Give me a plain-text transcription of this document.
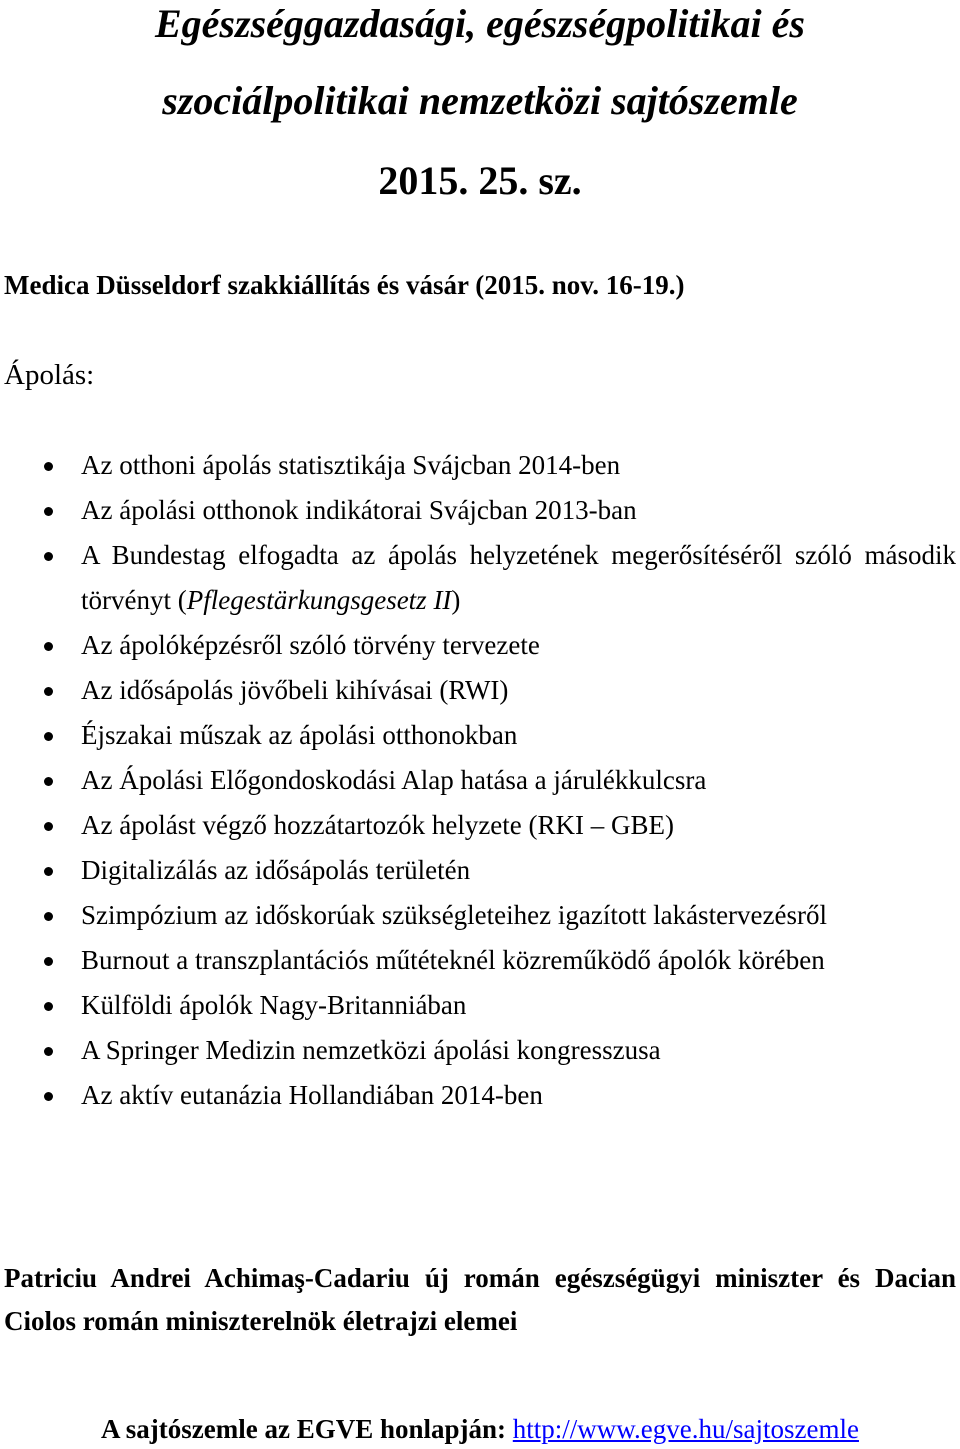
Egészséggazdasági, egészségpolitikai és

szociálpolitikai nemzetközi sajtószemle

2015. 25. sz.

Medica Düsseldorf szakkiállítás és vásár (2015. nov. 16-19.)

Ápolás:

Az otthoni ápolás statisztikája Svájcban 2014-ben
Az ápolási otthonok indikátorai Svájcban 2013-ban
A Bundestag elfogadta az ápolás helyzetének megerősítéséről szóló második törvényt (Pflegestärkungsgesetz II)
Az ápolóképzésről szóló törvény tervezete
Az idősápolás jövőbeli kihívásai (RWI)
Éjszakai műszak az ápolási otthonokban
Az Ápolási Előgondoskodási Alap hatása a járulékkulcsra
Az ápolást végző hozzátartozók helyzete (RKI – GBE)
Digitalizálás az idősápolás területén
Szimpózium az időskorúak szükségleteihez igazított lakástervezésről
Burnout a transzplantációs műtéteknél közreműködő ápolók körében
Külföldi ápolók Nagy-Britanniában
A Springer Medizin nemzetközi ápolási kongresszusa
Az aktív eutanázia Hollandiában 2014-ben

Patriciu Andrei Achimaş-Cadariu új román egészségügyi miniszter és Dacian Ciolos román miniszterelnök életrajzi elemei

A sajtószemle az EGVE honlapján: http://www.egve.hu/sajtoszemle
